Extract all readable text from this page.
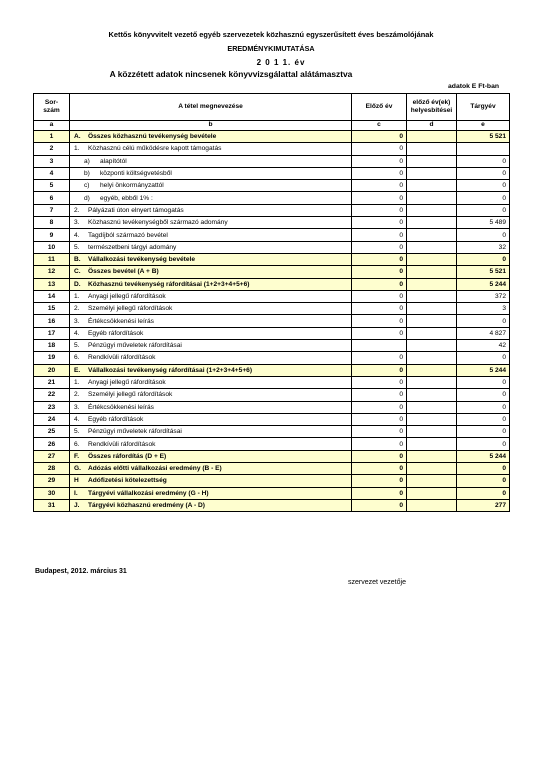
Kettős könyvvitelt vezető egyéb szervezetek közhasznú egyszerűsített éves beszámolójának
EREDMÉNYKIMUTATÁSA
2 0 1 1. év
A közzétett adatok nincsenek könyvvizsgálattal alátámasztva
adatok E Ft-ban
Sor-
szám	A tétel megnevezése	Előző év	előző év(ek) helyesbítései	Tárgyév
a	b	c	d	e
1	A. Összes közhasznú tevékenység bevétele	0		5 521
2	1. Közhasznú célú működésre kapott támogatás	0		
3	a) alapítótól	0		0
4	b) központi költségvetésből	0		0
5	c) helyi önkormányzattól	0		0
6	d) egyéb, ebből 1% :	0		0
7	2. Pályázati úton elnyert támogatás	0		0
8	3. Közhasznú tevékenységből származó adomány	0		5 489
9	4. Tagdíjból származó bevétel	0		0
10	5. természetbeni tárgyi adomány	0		32
11	B. Vállalkozási tevékenység bevétele	0		0
12	C. Összes bevétel (A + B)	0		5 521
13	D. Közhasznú tevékenység ráfordításai (1+2+3+4+5+6)	0		5 244
14	1. Anyagi jellegű ráfordítások	0		372
15	2. Személyi jellegű ráfordítások	0		3
16	3. Értékcsökkenési leírás	0		0
17	4. Egyéb ráfordítások	0		4 827
18	5. Pénzügyi műveletek ráfordításai			42
19	6. Rendkívüli ráfordítások	0		0
20	E. Vállalkozási tevékenység ráfordításai (1+2+3+4+5+6)	0		5 244
21	1. Anyagi jellegű ráfordítások	0		0
22	2. Személyi jellegű ráfordítások	0		0
23	3. Értékcsökkenési leírás	0		0
24	4. Egyéb ráfordítások	0		0
25	5. Pénzügyi műveletek ráfordításai	0		0
26	6. Rendkívüli ráfordítások	0		0
27	F. Összes ráfordítás (D + E)	0		5 244
28	G. Adózás előtti vállalkozási eredmény (B - E)	0		0
29	H Adófizetési kötelezettség	0		0
30	I. Tárgyévi vállalkozási eredmény (G - H)	0		0
31	J. Tárgyévi közhasznú eredmény (A - D)	0		277
Budapest, 2012. március 31
szervezet vezetője
